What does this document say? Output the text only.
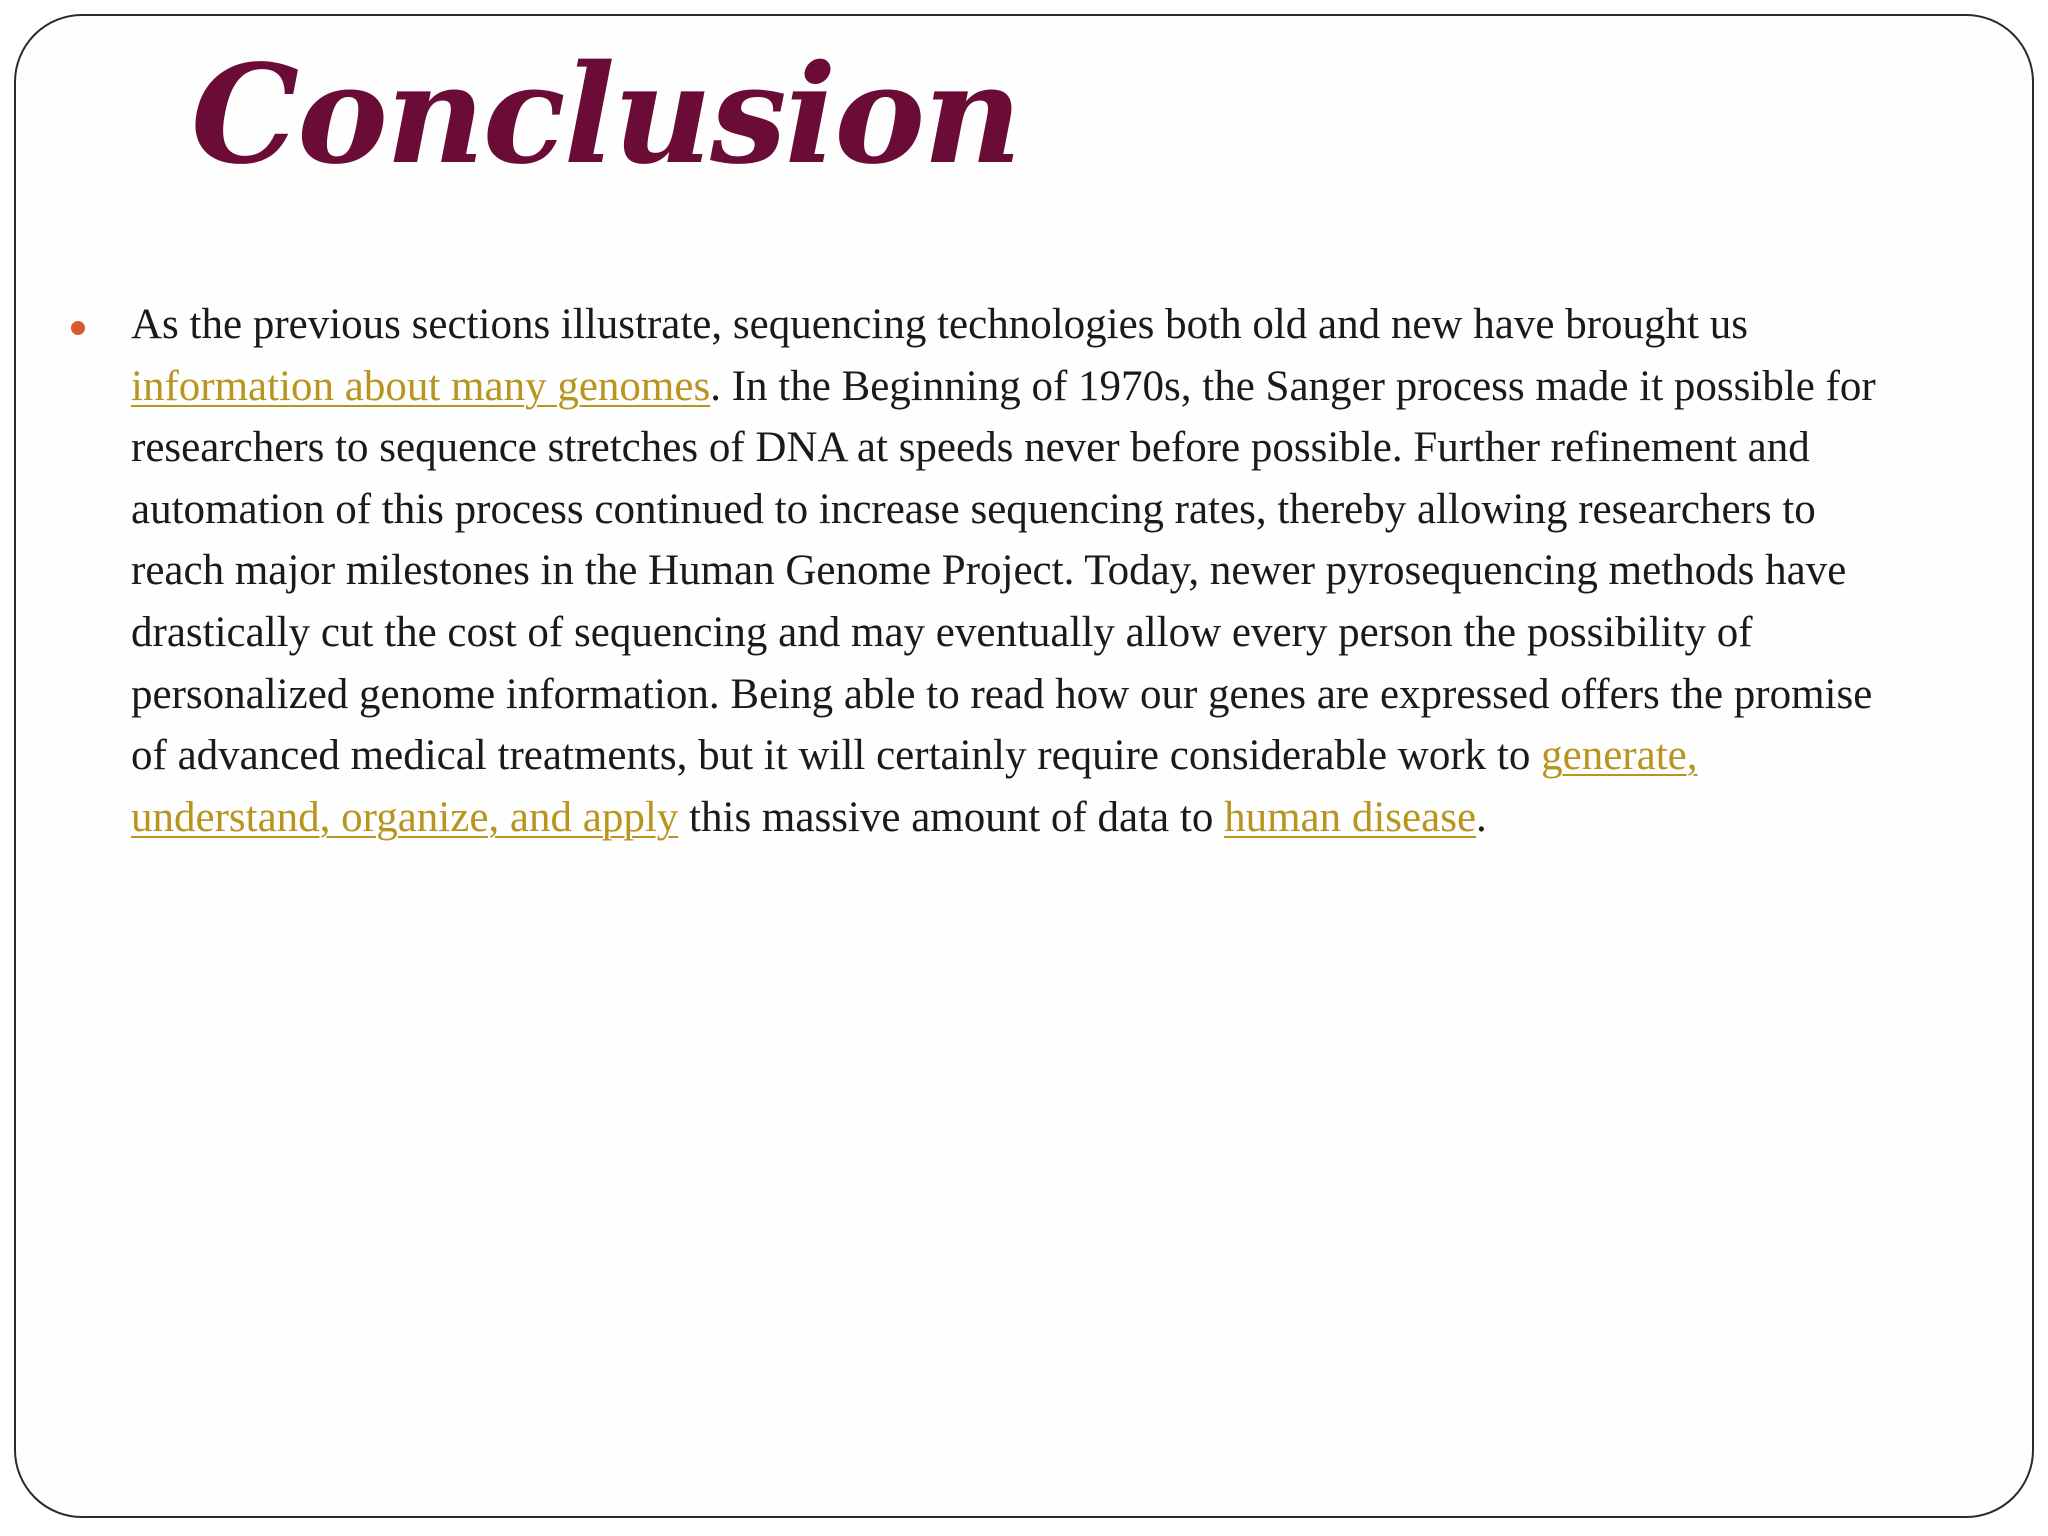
Conclusion

As the previous sections illustrate, sequencing technologies both old and new have brought us information about many genomes. In the Beginning of 1970s, the Sanger process made it possible for researchers to sequence stretches of DNA at speeds never before possible. Further refinement and automation of this process continued to increase sequencing rates, thereby allowing researchers to reach major milestones in the Human Genome Project. Today, newer pyrosequencing methods have drastically cut the cost of sequencing and may eventually allow every person the possibility of personalized genome information. Being able to read how our genes are expressed offers the promise of advanced medical treatments, but it will certainly require considerable work to generate, understand, organize, and apply this massive amount of data to human disease.
